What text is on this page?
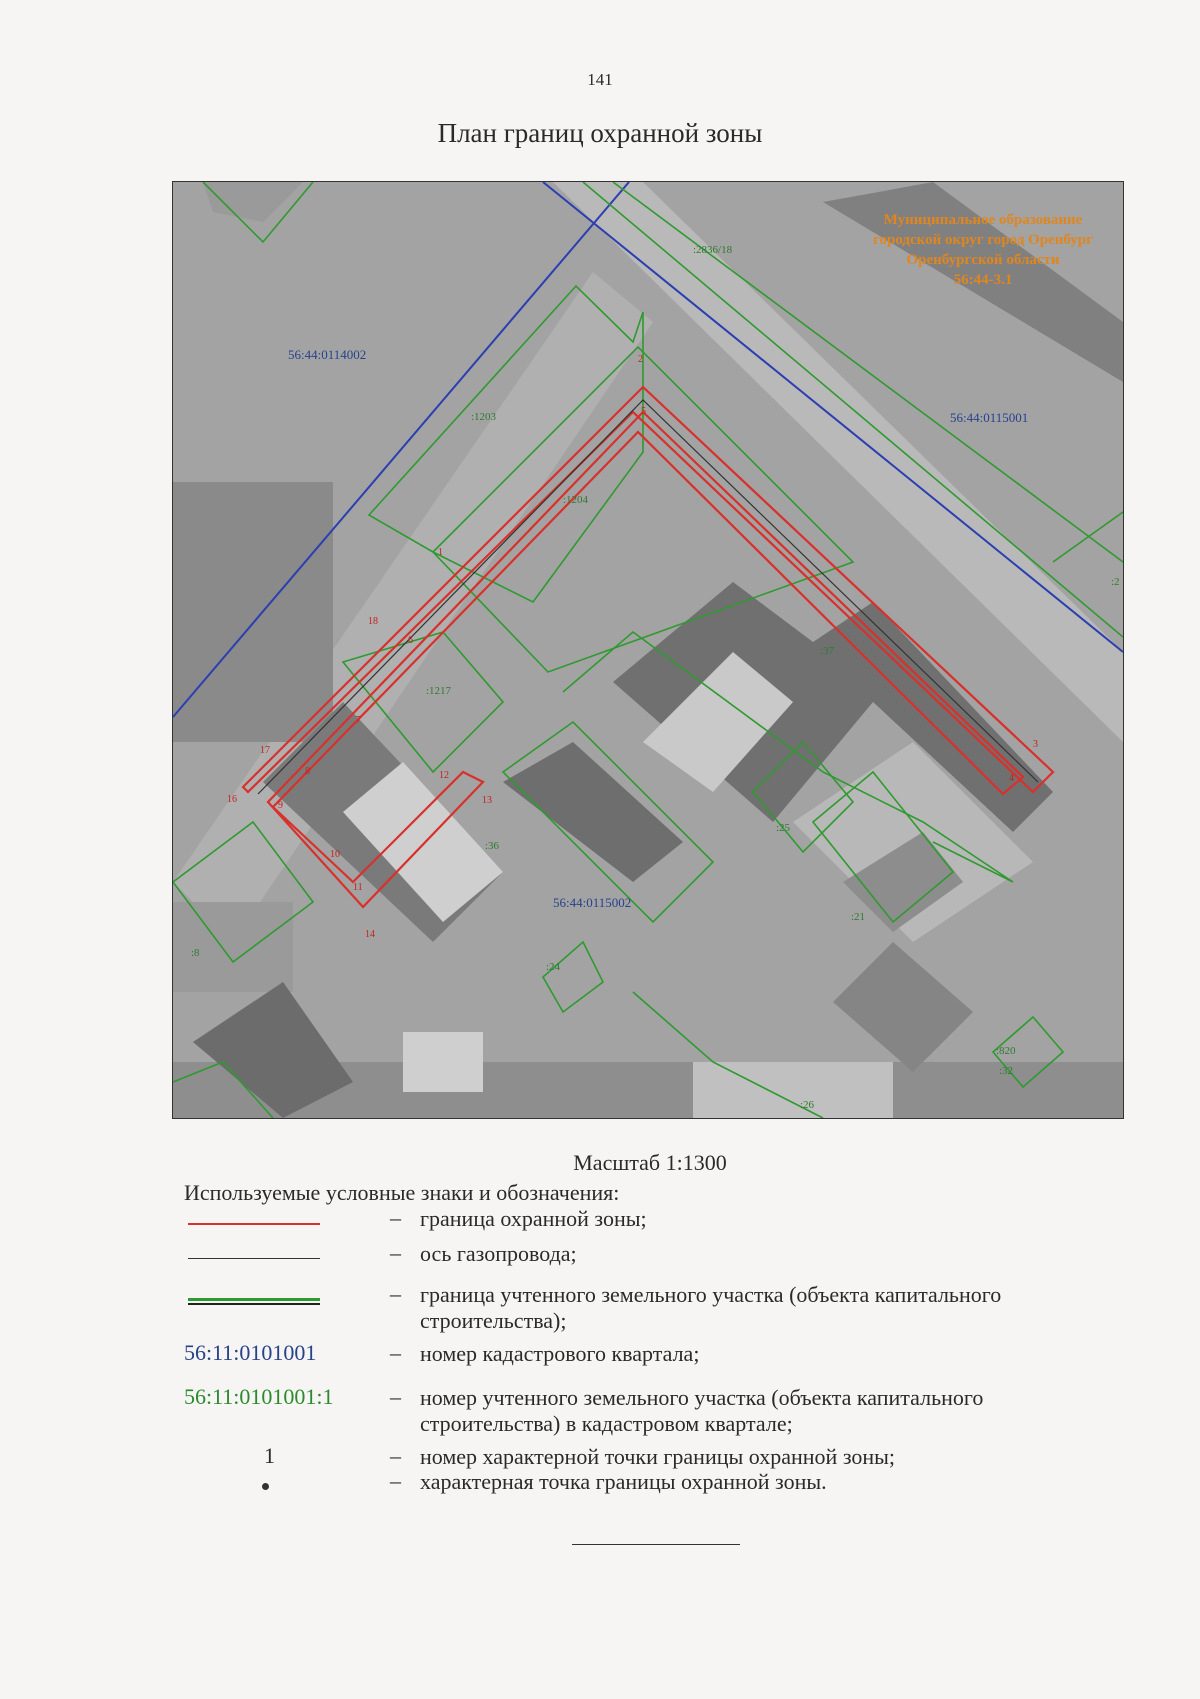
141
План границ охранной зоны
Муниципальное образование
городской округ город Оренбург
Оренбургской области
56:44-3.1
56:44:0114002
56:44:0115001
56:44:0115002
:2836/18
:1203
:1204
:1217
:37
:25
:36
:21
:24
:8
:26
:820
:32
:2
1
2
3
4
5
6
7
8
9
10
11
12
13
14
16
17
18
Масштаб 1:1300
Используемые условные знаки и обозначения:
– граница охранной зоны;
– ось газопровода;
– граница учтенного земельного участка (объекта капитального строительства);
56:11:0101001	– номер кадастрового квартала;
56:11:0101001:1	– номер учтенного земельного участка (объекта капитального строительства) в кадастровом квартале;
1	– номер характерной точки границы охранной зоны;
– характерная точка границы охранной зоны.
